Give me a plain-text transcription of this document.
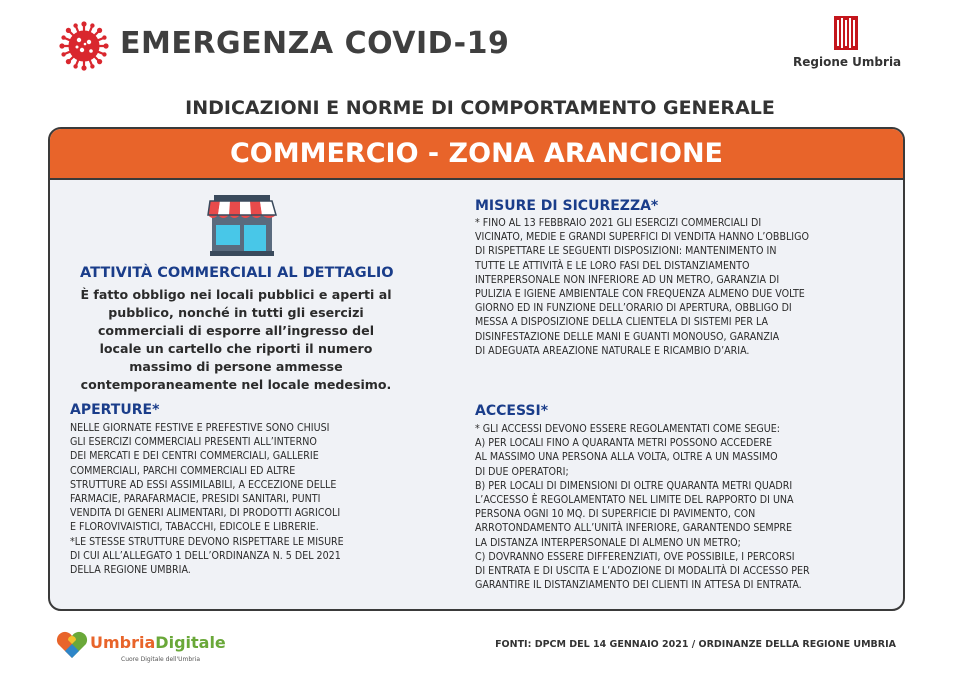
EMERGENZA COVID-19
Regione Umbria
INDICAZIONI E NORME DI COMPORTAMENTO GENERALE
COMMERCIO - ZONA ARANCIONE
ATTIVITÀ COMMERCIALI AL DETTAGLIO
È fatto obbligo nei locali pubblici e aperti al pubblico, nonché in tutti gli esercizi commerciali di esporre all’ingresso del locale un cartello che riporti il numero massimo di persone ammesse contemporaneamente nel locale medesimo.
APERTURE*
NELLE GIORNATE FESTIVE E PREFESTIVE SONO CHIUSI
GLI ESERCIZI COMMERCIALI PRESENTI ALL’INTERNO
DEI MERCATI E DEI CENTRI COMMERCIALI, GALLERIE
COMMERCIALI, PARCHI COMMERCIALI ED ALTRE
STRUTTURE AD ESSI ASSIMILABILI, A ECCEZIONE DELLE
FARMACIE, PARAFARMACIE, PRESIDI SANITARI, PUNTI
VENDITA DI GENERI ALIMENTARI, DI PRODOTTI AGRICOLI
E FLOROVIVAISTICI, TABACCHI, EDICOLE E LIBRERIE.
*LE STESSE STRUTTURE DEVONO RISPETTARE LE MISURE
DI CUI ALL’ALLEGATO 1 DELL’ORDINANZA N. 5 DEL 2021
DELLA REGIONE UMBRIA.
MISURE DI SICUREZZA*
* FINO AL 13 FEBBRAIO 2021 GLI ESERCIZI COMMERCIALI DI
VICINATO, MEDIE E GRANDI SUPERFICI DI VENDITA HANNO L’OBBLIGO
DI RISPETTARE LE SEGUENTI DISPOSIZIONI: MANTENIMENTO IN
TUTTE LE ATTIVITÀ E LE LORO FASI DEL DISTANZIAMENTO
INTERPERSONALE NON INFERIORE AD UN METRO, GARANZIA DI
PULIZIA E IGIENE AMBIENTALE CON FREQUENZA ALMENO DUE VOLTE
GIORNO ED IN FUNZIONE DELL’ORARIO DI APERTURA, OBBLIGO DI
MESSA A DISPOSIZIONE DELLA CLIENTELA DI SISTEMI PER LA
DISINFESTAZIONE DELLE MANI E GUANTI MONOUSO, GARANZIA
DI ADEGUATA AREAZIONE NATURALE E RICAMBIO D’ARIA.
ACCESSI*
* GLI ACCESSI DEVONO ESSERE REGOLAMENTATI COME SEGUE:
A) PER LOCALI FINO A QUARANTA METRI POSSONO ACCEDERE
AL MASSIMO UNA PERSONA ALLA VOLTA, OLTRE A UN MASSIMO
DI DUE OPERATORI;
B) PER LOCALI DI DIMENSIONI DI OLTRE QUARANTA METRI QUADRI
L’ACCESSO È REGOLAMENTATO NEL LIMITE DEL RAPPORTO DI UNA
PERSONA OGNI 10 MQ. DI SUPERFICIE DI PAVIMENTO, CON
ARROTONDAMENTO ALL’UNITÀ INFERIORE, GARANTENDO SEMPRE
LA DISTANZA INTERPERSONALE DI ALMENO UN METRO;
C) DOVRANNO ESSERE DIFFERENZIATI, OVE POSSIBILE, I PERCORSI
DI ENTRATA E DI USCITA E L’ADOZIONE DI MODALITÀ DI ACCESSO PER
GARANTIRE IL DISTANZIAMENTO DEI CLIENTI IN ATTESA DI ENTRATA.
UmbriaDigitale
Cuore Digitale dell'Umbria
FONTI: DPCM DEL 14 GENNAIO 2021 / ORDINANZE DELLA REGIONE UMBRIA
